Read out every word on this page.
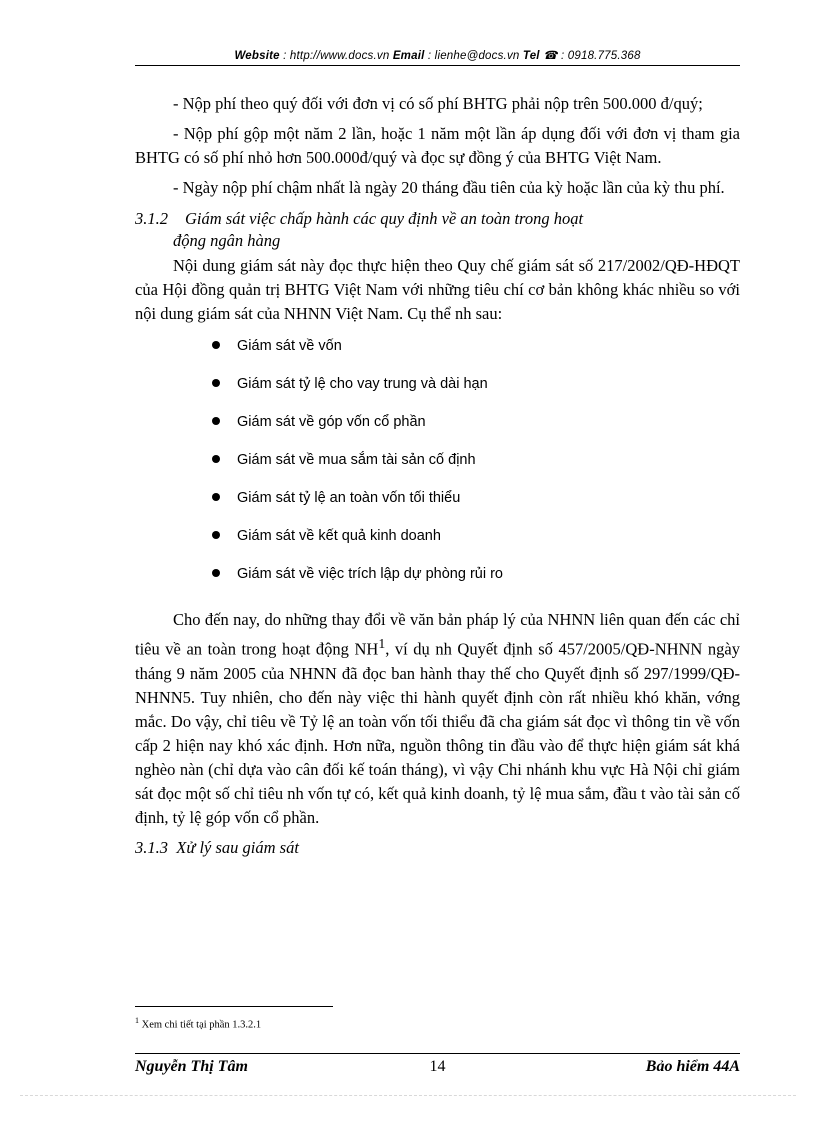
Website : http://www.docs.vn Email : lienhe@docs.vn Tel ☎ : 0918.775.368

- Nộp phí theo quý đối với đơn vị có số phí BHTG phải nộp trên 500.000 đ/quý;

- Nộp phí gộp một năm 2 lần, hoặc 1 năm một lần áp dụng đối với đơn vị tham gia BHTG có số phí nhỏ hơn 500.000đ/quý và đọc sự đồng ý của BHTG Việt Nam.

- Ngày nộp phí chậm nhất là ngày 20 tháng đầu tiên của kỳ hoặc lần của kỳ thu phí.

3.1.2 Giám sát việc chấp hành các quy định về an toàn trong hoạt
động ngân hàng

Nội dung giám sát này đọc thực hiện theo Quy chế giám sát số 217/2002/QĐ-HĐQT của Hội đồng quản trị BHTG Việt Nam với những tiêu chí cơ bản không khác nhiều so với nội dung giám sát của NHNN Việt Nam. Cụ thể nh sau:

Giám sát về vốn
Giám sát tỷ lệ cho vay trung và dài hạn
Giám sát về góp vốn cổ phần
Giám sát về mua sắm tài sản cố định
Giám sát tỷ lệ an toàn vốn tối thiểu
Giám sát về kết quả kinh doanh
Giám sát về việc trích lập dự phòng rủi ro

Cho đến nay, do những thay đổi về văn bản pháp lý của NHNN liên quan đến các chỉ tiêu về an toàn trong hoạt động $NH^1$, ví dụ nh Quyết định số 457/2005/QĐ-NHNN ngày tháng 9 năm 2005 của NHNN đã đọc ban hành thay thế cho Quyết định số 297/1999/QĐ- NHNN5. Tuy nhiên, cho đến này việc thi hành quyết định còn rất nhiều khó khăn, vớng mắc. Do vậy, chỉ tiêu về Tỷ lệ an toàn vốn tối thiểu đã cha giám sát đọc vì thông tin về vốn cấp 2 hiện nay khó xác định. Hơn nữa, nguồn thông tin đầu vào để thực hiện giám sát khá nghèo nàn (chỉ dựa vào cân đối kế toán tháng), vì vậy Chi nhánh khu vực Hà Nội chỉ giám sát đọc một số chỉ tiêu nh vốn tự có, kết quả kinh doanh, tỷ lệ mua sắm, đầu t vào tài sản cố định, tỷ lệ góp vốn cổ phần.

3.1.3 Xử lý sau giám sát
$^1$ Xem chi tiết tại phần 1.3.2.1
14
Nguyễn Thị Tâm	Bảo hiểm 44A
